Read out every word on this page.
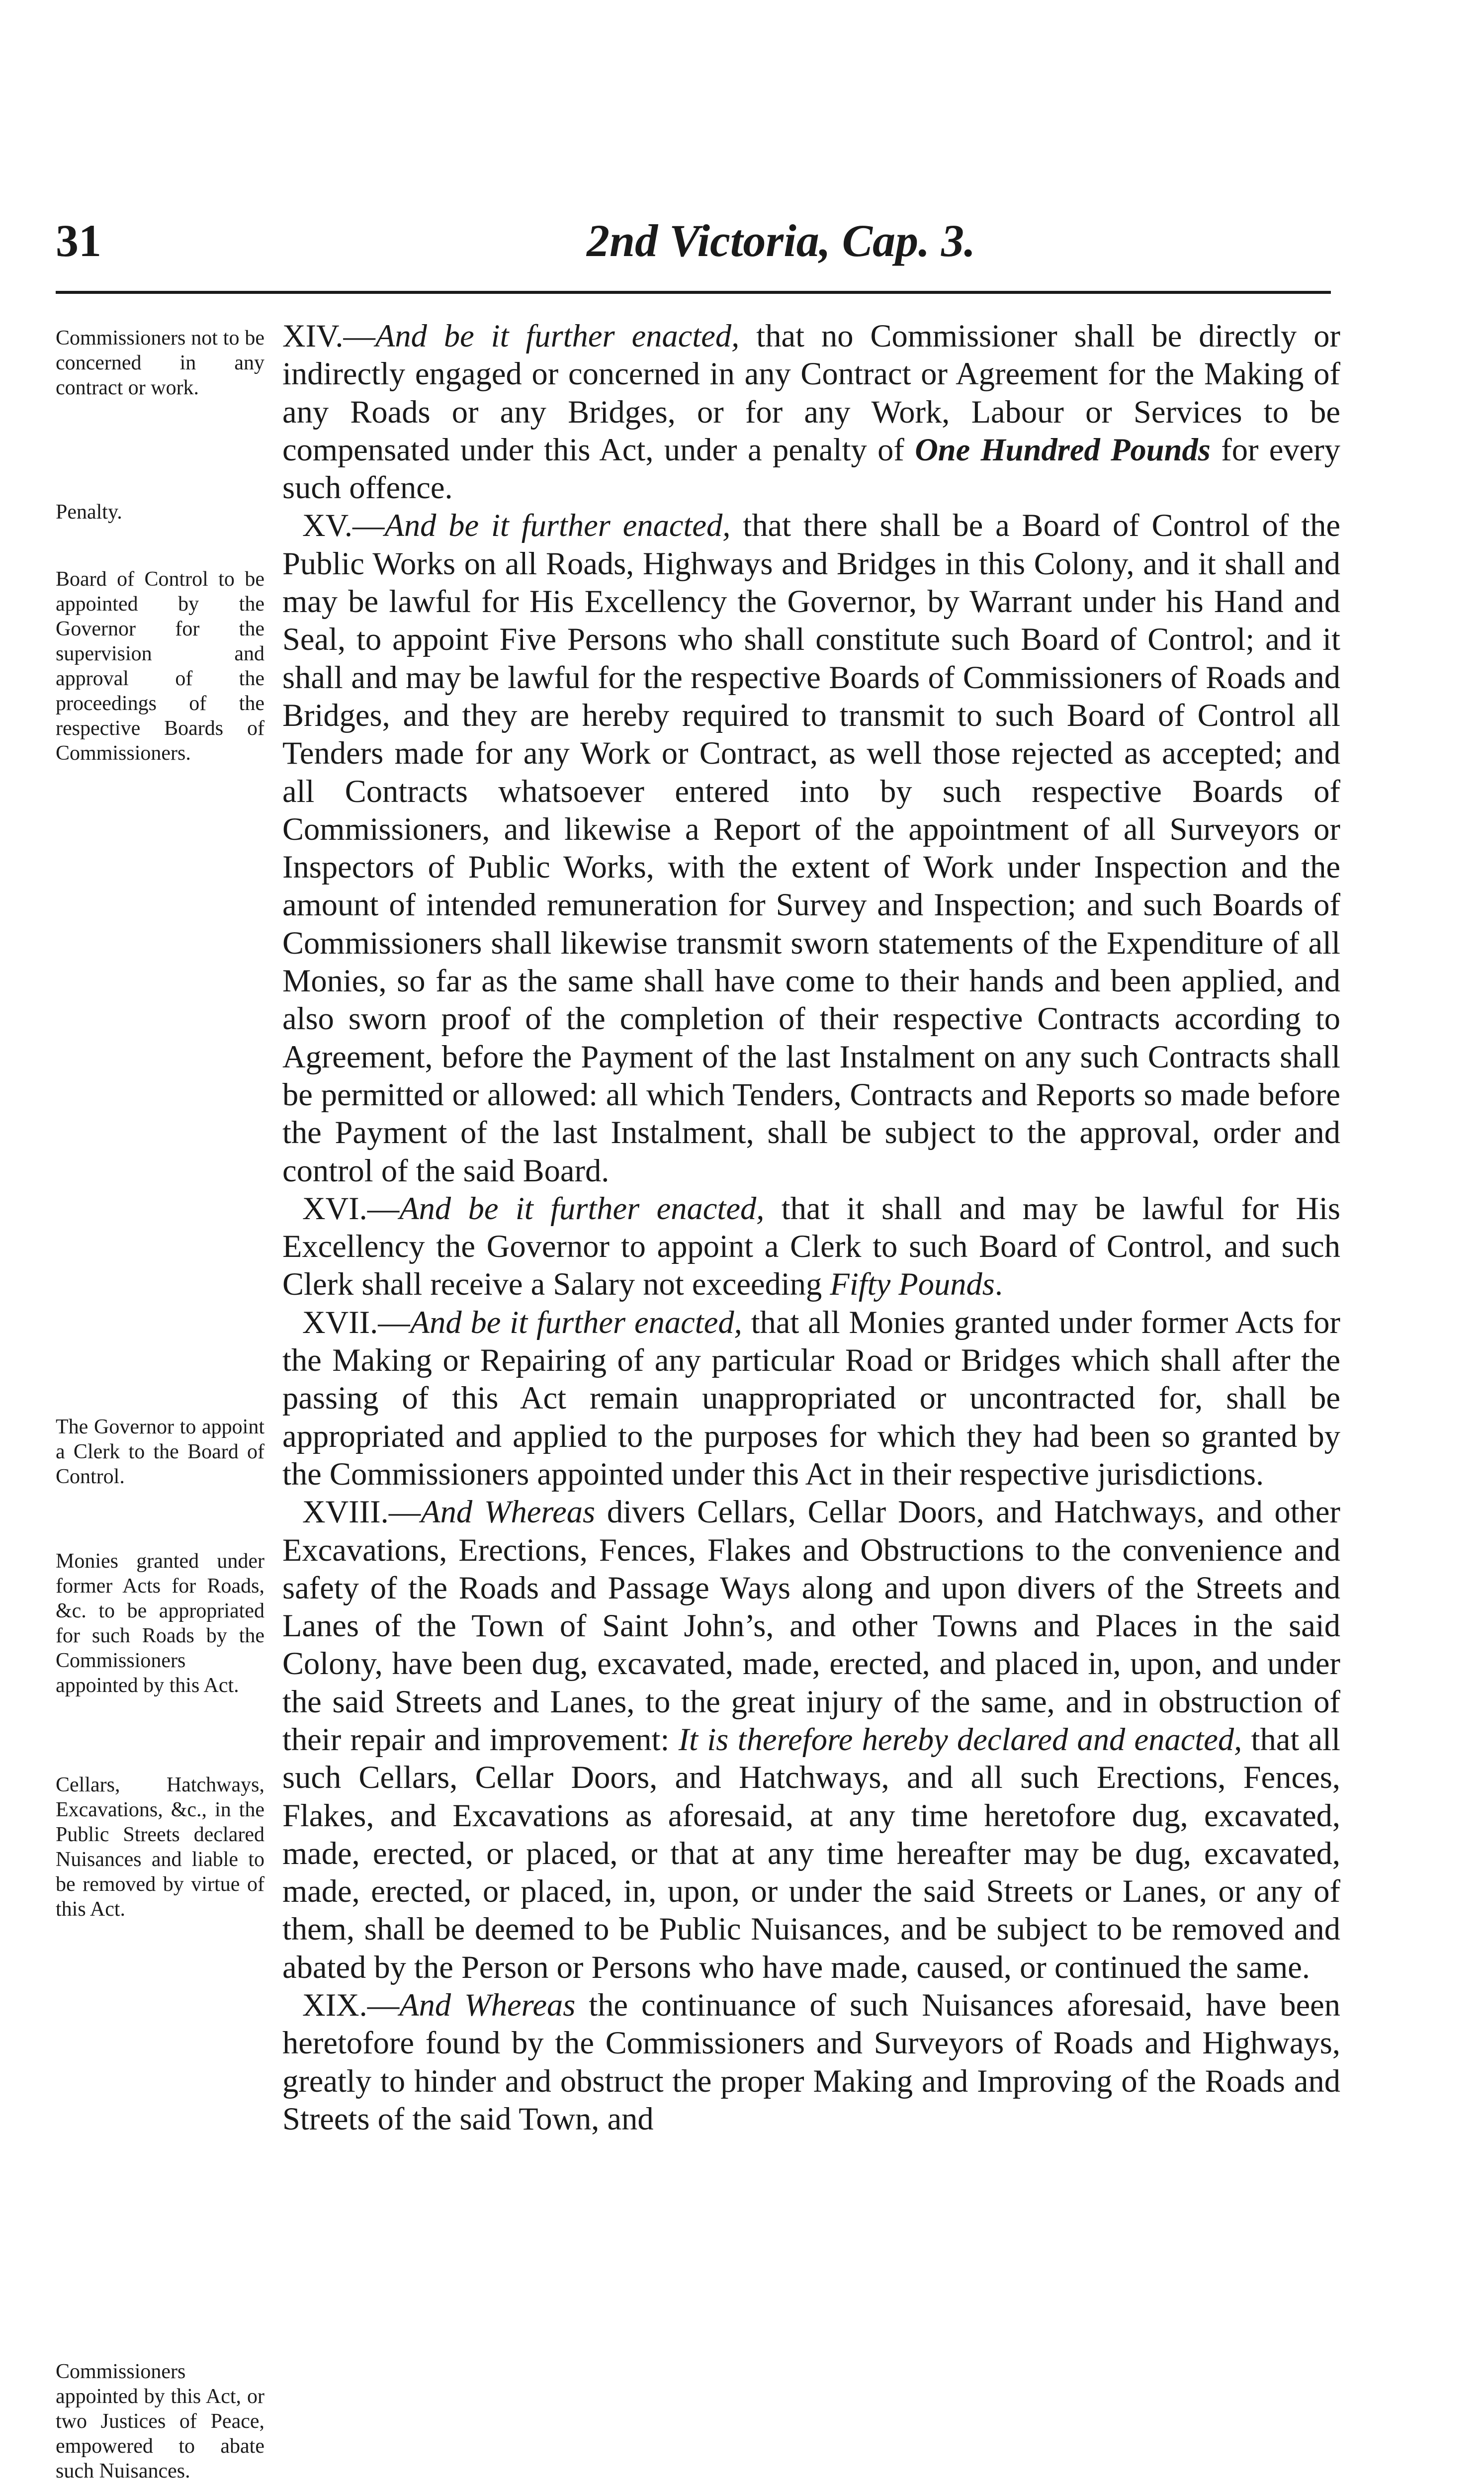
31	2nd Victoria, Cap. 3.
Commissioners not to be concerned in any contract or work.
Penalty.
Board of Control to be appointed by the Governor for the supervision and approval of the proceedings of the respective Boards of Commissioners.
The Governor to appoint a Clerk to the Board of Control.
Monies granted under former Acts for Roads, &c. to be appropriated for such Roads by the Commissioners appointed by this Act.
Cellars, Hatchways, Excavations, &c., in the Public Streets declared Nuisances and liable to be removed by virtue of this Act.
Commissioners appointed by this Act, or two Justices of Peace, empowered to abate such Nuisances.

XIV.—And be it further enacted, that no Commissioner shall be directly or indirectly engaged or concerned in any Contract or Agreement for the Making of any Roads or any Bridges, or for any Work, Labour or Services to be compensated under this Act, under a penalty of One Hundred Pounds for every such offence.

XV.—And be it further enacted, that there shall be a Board of Control of the Public Works on all Roads, Highways and Bridges in this Colony, and it shall and may be lawful for His Excellency the Governor, by Warrant under his Hand and Seal, to appoint Five Persons who shall constitute such Board of Control; and it shall and may be lawful for the respective Boards of Commissioners of Roads and Bridges, and they are hereby required to transmit to such Board of Control all Tenders made for any Work or Contract, as well those rejected as accepted; and all Contracts whatsoever entered into by such respective Boards of Commissioners, and likewise a Report of the appointment of all Surveyors or Inspectors of Public Works, with the extent of Work under Inspection and the amount of intended remuneration for Survey and Inspection; and such Boards of Commissioners shall likewise transmit sworn statements of the Expenditure of all Monies, so far as the same shall have come to their hands and been applied, and also sworn proof of the completion of their respective Contracts according to Agreement, before the Payment of the last Instalment on any such Contracts shall be permitted or allowed: all which Tenders, Contracts and Reports so made before the Payment of the last Instalment, shall be subject to the approval, order and control of the said Board.

XVI.—And be it further enacted, that it shall and may be lawful for His Excellency the Governor to appoint a Clerk to such Board of Control, and such Clerk shall receive a Salary not exceeding Fifty Pounds.

XVII.—And be it further enacted, that all Monies granted under former Acts for the Making or Repairing of any particular Road or Bridges which shall after the passing of this Act remain unappropriated or uncontracted for, shall be appropriated and applied to the purposes for which they had been so granted by the Commissioners appointed under this Act in their respective jurisdictions.

XVIII.—And Whereas divers Cellars, Cellar Doors, and Hatchways, and other Excavations, Erections, Fences, Flakes and Obstructions to the convenience and safety of the Roads and Passage Ways along and upon divers of the Streets and Lanes of the Town of Saint John’s, and other Towns and Places in the said Colony, have been dug, excavated, made, erected, and placed in, upon, and under the said Streets and Lanes, to the great injury of the same, and in obstruction of their repair and improvement: It is therefore hereby declared and enacted, that all such Cellars, Cellar Doors, and Hatchways, and all such Erections, Fences, Flakes, and Excavations as aforesaid, at any time heretofore dug, excavated, made, erected, or placed, or that at any time hereafter may be dug, excavated, made, erected, or placed, in, upon, or under the said Streets or Lanes, or any of them, shall be deemed to be Public Nuisances, and be subject to be removed and abated by the Person or Persons who have made, caused, or continued the same.

XIX.—And Whereas the continuance of such Nuisances aforesaid, have been heretofore found by the Commissioners and Surveyors of Roads and Highways, greatly to hinder and obstruct the proper Making and Improving of the Roads and Streets of the said Town, and
